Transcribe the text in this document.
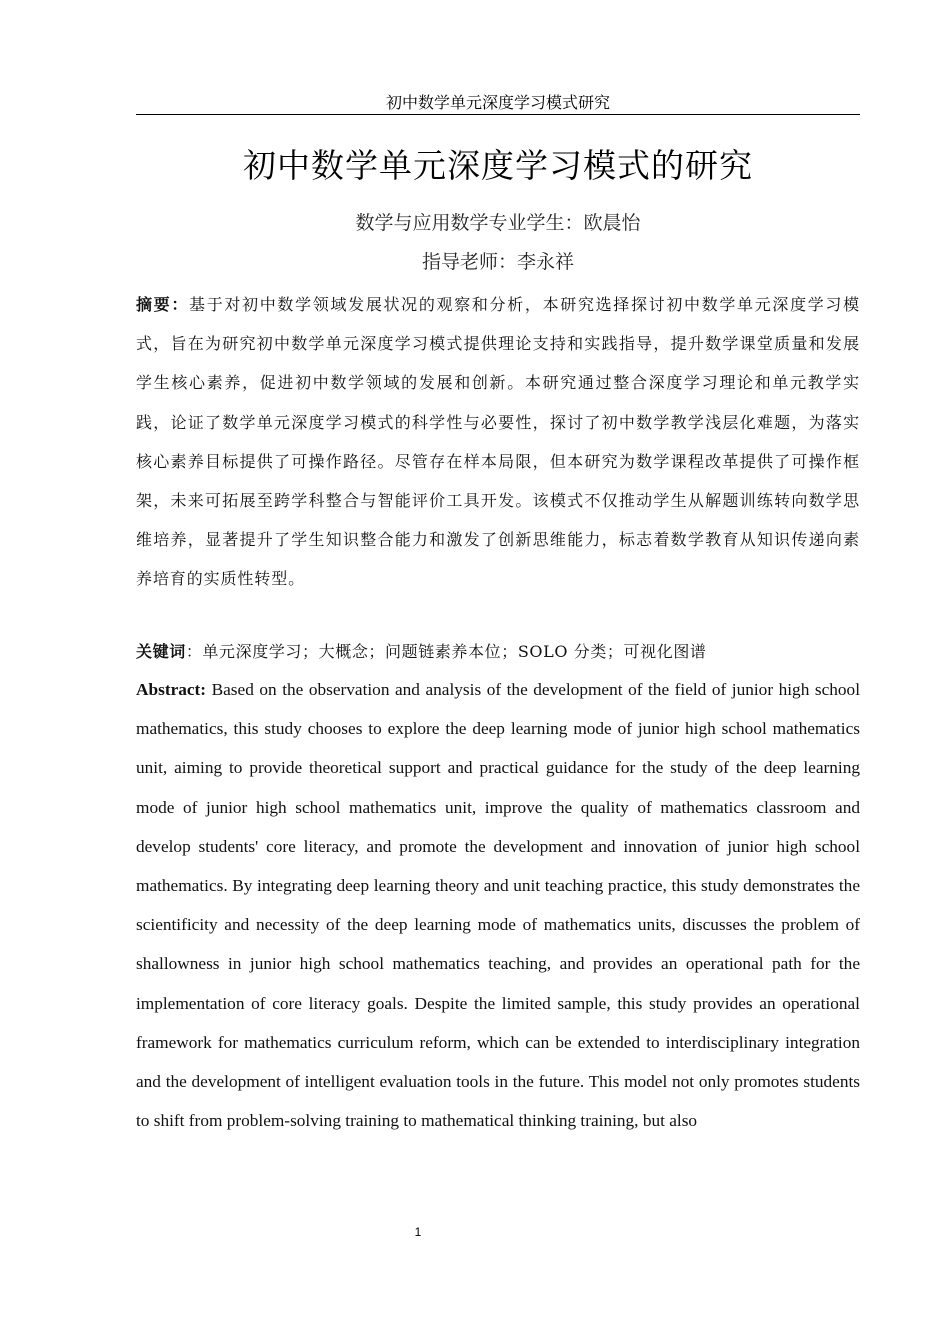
初中数学单元深度学习模式研究
初中数学单元深度学习模式的研究
数学与应用数学专业学生：欧晨怡
指导老师：李永祥
摘要：基于对初中数学领域发展状况的观察和分析，本研究选择探讨初中数学单元深度学习模式，旨在为研究初中数学单元深度学习模式提供理论支持和实践指导，提升数学课堂质量和发展学生核心素养，促进初中数学领域的发展和创新。本研究通过整合深度学习理论和单元教学实践，论证了数学单元深度学习模式的科学性与必要性，探讨了初中数学教学浅层化难题，为落实核心素养目标提供了可操作路径。尽管存在样本局限，但本研究为数学课程改革提供了可操作框架，未来可拓展至跨学科整合与智能评价工具开发。该模式不仅推动学生从解题训练转向数学思维培养，显著提升了学生知识整合能力和激发了创新思维能力，标志着数学教育从知识传递向素养培育的实质性转型。
关键词：单元深度学习；大概念；问题链素养本位；SOLO 分类；可视化图谱
Abstract: Based on the observation and analysis of the development of the field of junior high school mathematics, this study chooses to explore the deep learning mode of junior high school mathematics unit, aiming to provide theoretical support and practical guidance for the study of the deep learning mode of junior high school mathematics unit, improve the quality of mathematics classroom and develop students' core literacy, and promote the development and innovation of junior high school mathematics. By integrating deep learning theory and unit teaching practice, this study demonstrates the scientificity and necessity of the deep learning mode of mathematics units, discusses the problem of shallowness in junior high school mathematics teaching, and provides an operational path for the implementation of core literacy goals. Despite the limited sample, this study provides an operational framework for mathematics curriculum reform, which can be extended to interdisciplinary integration and the development of intelligent evaluation tools in the future. This model not only promotes students to shift from problem-solving training to mathematical thinking training, but also
1
